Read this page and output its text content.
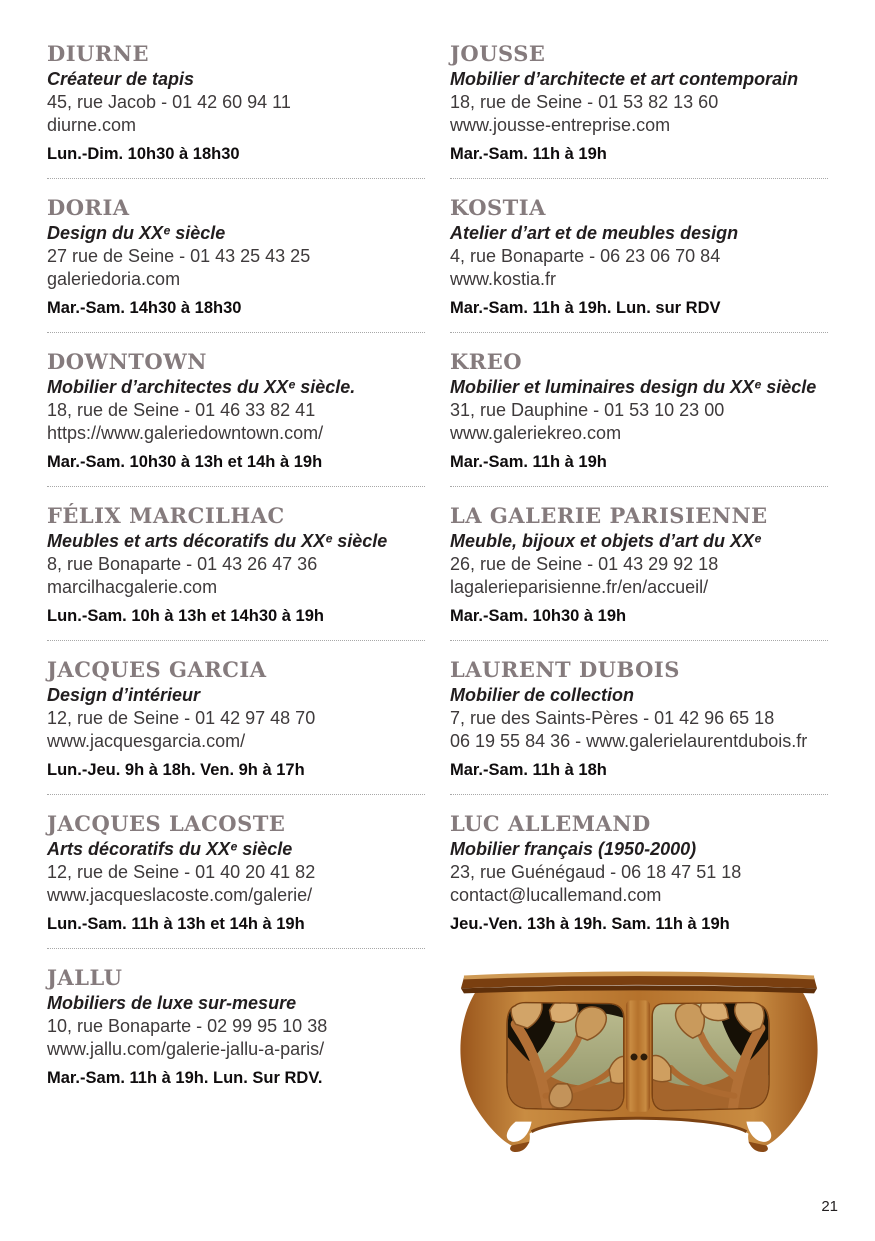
DIURNE

Créateur de tapis

45, rue Jacob - 01 42 60 94 11

diurne.com

Lun.-Dim. 10h30 à 18h30

DORIA

Design du XXᵉ siècle

27 rue de Seine - 01 43 25 43 25

galeriedoria.com

Mar.-Sam. 14h30 à 18h30

DOWNTOWN

Mobilier d’architectes du XXᵉ siècle.

18, rue de Seine - 01 46 33 82 41

https://www.galeriedowntown.com/

Mar.-Sam. 10h30 à 13h et 14h à 19h

FÉLIX MARCILHAC

Meubles et arts décoratifs du XXᵉ siècle

8, rue Bonaparte - 01 43 26 47 36

marcilhacgalerie.com

Lun.-Sam. 10h à 13h et 14h30 à 19h

JACQUES GARCIA

Design d’intérieur

12, rue de Seine - 01 42 97 48 70

www.jacquesgarcia.com/

Lun.-Jeu. 9h à 18h. Ven. 9h à 17h

JACQUES LACOSTE

Arts décoratifs du XXᵉ siècle

12, rue de Seine - 01 40 20 41 82

www.jacqueslacoste.com/galerie/

Lun.-Sam. 11h à 13h et 14h à 19h

JALLU

Mobiliers de luxe sur-mesure

10, rue Bonaparte - 02 99 95 10 38

www.jallu.com/galerie-jallu-a-paris/

Mar.-Sam. 11h à 19h. Lun. Sur RDV.

JOUSSE

Mobilier d’architecte et art contemporain

18, rue de Seine - 01 53 82 13 60

www.jousse-entreprise.com

Mar.-Sam. 11h à 19h

KOSTIA

Atelier d’art et de meubles design

4, rue Bonaparte - 06 23 06 70 84

www.kostia.fr

Mar.-Sam. 11h à 19h. Lun. sur RDV

KREO

Mobilier et luminaires design du XXᵉ siècle

31, rue Dauphine - 01 53 10 23 00

www.galeriekreo.com

Mar.-Sam. 11h à 19h

LA GALERIE PARISIENNE

Meuble, bijoux et objets d’art du XXᵉ

26, rue de Seine - 01 43 29 92 18

lagalerieparisienne.fr/en/accueil/

Mar.-Sam. 10h30 à 19h

LAURENT DUBOIS

Mobilier de collection

7, rue des Saints-Pères - 01 42 96 65 18

06 19 55 84 36 - www.galerielaurentdubois.fr

Mar.-Sam. 11h à 18h

LUC ALLEMAND

Mobilier français (1950-2000)

23, rue Guénégaud - 06 18 47 51 18

contact@lucallemand.com

Jeu.-Ven. 13h à 19h. Sam. 11h à 19h

21
